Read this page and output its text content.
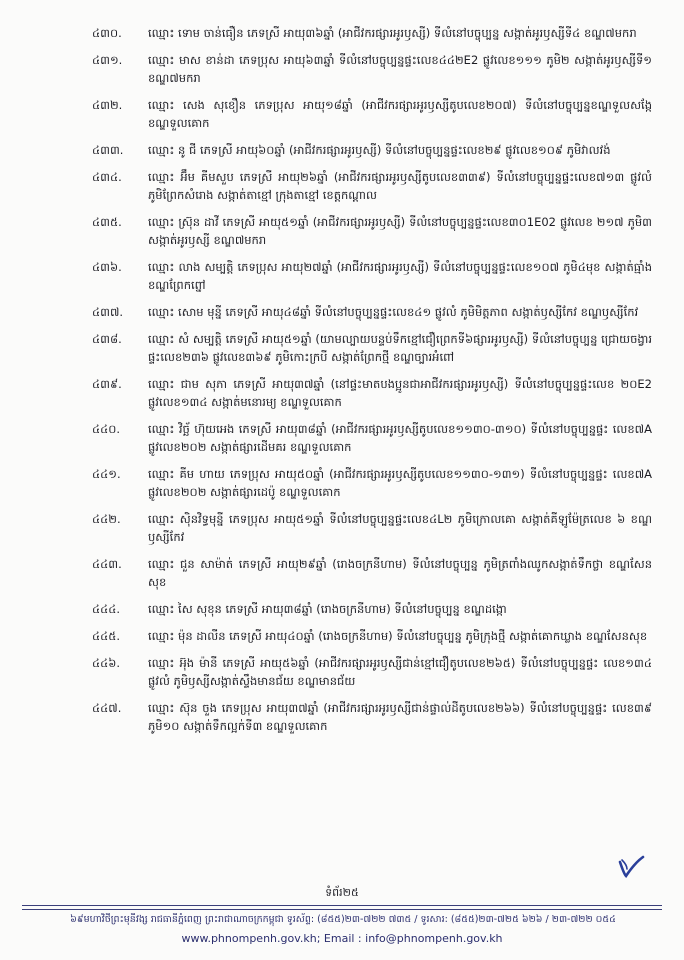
៤៣០.	ឈ្មោះ ទោម ចាន់ធឿន ភេទស្រី អាយុ៣៦ឆ្នាំ (អាជីវករផ្សារអូរឫស្សី) ទីលំនៅបច្ចុប្បន្ន សង្កាត់អូរឫស្សីទី៤ ខណ្ឌ៧មករា
៤៣១.	ឈ្មោះ មាស ខាន់ដា ភេទប្រុស អាយុ៦៣ឆ្នាំ ទីលំនៅបច្ចុប្បន្នផ្ទះលេខ៤៤២E2 ផ្លូវលេខ១១១ ភូមិ២ សង្កាត់អូរឫស្សីទី១ ខណ្ឌ៧មករា
៤៣២.	ឈ្មោះ សេង សុខឿន ភេទប្រុស អាយុ១៨ឆ្នាំ (អាជីវករផ្សារអូរឫស្សីតូបលេខ២០៧) ទីលំនៅបច្ចុប្បន្នខណ្ឌទួលសង្កែ ខណ្ឌទួលគោក
៤៣៣.	ឈ្មោះ នូ ជី ភេទស្រី អាយុ៦០ឆ្នាំ (អាជីវករផ្សារអូរឫស្សី) ទីលំនៅបច្ចុប្បន្នផ្ទះលេខ២៩ ផ្លូវលេខ១០៩ ភូមិវាលវង់
៤៣៤.	ឈ្មោះ អ៊ឹម គីមសួប ភេទស្រី អាយុ២៦ឆ្នាំ (អាជីវករផ្សារអូរឫស្សីតូបលេខ៣៣៩) ទីលំនៅបច្ចុប្បន្នផ្ទះលេខ៧១៣ ផ្លូវលំ ភូមិព្រែកសំរោង សង្កាត់តាខ្មៅ ក្រុងតាខ្មៅ ខេត្តកណ្ដាល
៤៣៥.	ឈ្មោះ ស្រ៊ុន ដាវី ភេទស្រី អាយុ៥១ឆ្នាំ (អាជីវករផ្សារអូរឫស្សី) ទីលំនៅបច្ចុប្បន្នផ្ទះលេខ៣០1E02 ផ្លូវលេខ ២១៧ ភូមិ៣ សង្កាត់អូរឫស្សី ខណ្ឌ៧មករា
៤៣៦.	ឈ្មោះ លាង សម្បត្តិ ភេទប្រុស អាយុ២៧ឆ្នាំ (អាជីវករផ្សារអូរឫស្សី) ទីលំនៅបច្ចុប្បន្នផ្ទះលេខ១០៧ ភូមិ៤មុខ សង្កាត់ធ្មាំង ខណ្ឌព្រែកព្នៅ
៤៣៧.	ឈ្មោះ សោម មុន្នី ភេទស្រី អាយុ៤៨ឆ្នាំ ទីលំនៅបច្ចុប្បន្នផ្ទះលេខ៤១ ផ្លូវលំ ភូមិមិត្តភាព សង្កាត់ឫស្សីកែវ ខណ្ឌឫស្សីកែវ
៤៣៨.	ឈ្មោះ សំ សម្បត្តិ ភេទស្រី អាយុ៥១ឆ្នាំ (យាមល្បាយបន្ទប់ទឹកខ្មៅជឿព្រេកទី៦ផ្សារអូរឫស្សី) ទីលំនៅបច្ចុប្បន្ន ជ្រោយចង្វារ ផ្ទះលេខ២៣៦ ផ្លូវលេខ៣៦៩ ភូមិកោះក្របី សង្កាត់ព្រែកថ្មី ខណ្ឌច្បារអំពៅ
៤៣៩.	ឈ្មោះ ជាម សុភា ភេទស្រី អាយុ៣៧ឆ្នាំ (នៅផ្ទះមាតបងប្អូនជាអាជីវករផ្សារអូរឫស្សី) ទីលំនៅបច្ចុប្បន្នផ្ទះលេខ ២០E2 ផ្លូវលេខ១៣៤ សង្កាត់មនោរម្យ ខណ្ឌទួលគោក
៤៤០.	ឈ្មោះ វិច្ឆ័ ហ៊ុយអេង ភេទស្រី អាយុ៣៨ឆ្នាំ (អាជីវករផ្សារអូរឫស្សីតូបលេខ១១៣០-៣១០) ទីលំនៅបច្ចុប្បន្នផ្ទះ លេខ៧A ផ្លូវលេខ២០២ សង្កាត់ផ្សារដើមគរ ខណ្ឌទួលគោក
៤៤១.	ឈ្មោះ គីម ហាយ ភេទប្រុស អាយុ៥០ឆ្នាំ (អាជីវករផ្សារអូរឫស្សីតូបលេខ១១៣០-១៣១) ទីលំនៅបច្ចុប្បន្នផ្ទះ លេខ៧A ផ្លូវលេខ២០២ សង្កាត់ផ្សារដេប៉ូ ខណ្ឌទួលគោក
៤៤២.	ឈ្មោះ ស៊ិនវិទ្ធមុន្នី ភេទប្រុស អាយុ៥១ឆ្នាំ ទីលំនៅបច្ចុប្បន្នផ្ទះលេខ៤L២ ភូមិក្រោលគោ សង្កាត់គីឡូម៉ែត្រលេខ ៦ ខណ្ឌឫស្សីកែវ
៤៤៣.	ឈ្មោះ ជួន សាម៉ាត់ ភេទស្រី អាយុ២៩ឆ្នាំ (រោងចក្រនីហាម) ទីលំនៅបច្ចុប្បន្ន ភូមិត្រពាំងឈូកសង្កាត់ទឹកថ្លា ខណ្ឌសែនសុខ
៤៤៤.	ឈ្មោះ សៃ សុខុន ភេទស្រី អាយុ៣៨ឆ្នាំ (រោងចក្រនីហាម) ទីលំនៅបច្ចុប្បន្ន ខណ្ឌដង្កោ
៤៤៥.	ឈ្មោះ ម៉ុន ដាលីន ភេទស្រី អាយុ៤០ឆ្នាំ (រោងចក្រនីហាម) ទីលំនៅបច្ចុប្បន្ន ភូមិក្រុងថ្មី សង្កាត់គោកឃ្លាង ខណ្ឌសែនសុខ
៤៤៦.	ឈ្មោះ អ៊ុង ម៉ានី ភេទស្រី អាយុ៥៦ឆ្នាំ (អាជីវករផ្សារអូរឫស្សីជាន់ខ្មៅជឿតូបលេខ២៦៥) ទីលំនៅបច្ចុប្បន្នផ្ទះ លេខ១៣៤ ផ្លូវលំ ភូមិឫស្សីសង្កាត់ស្ទឹងមានជ័យ ខណ្ឌមានជ័យ
៤៤៧.	ឈ្មោះ ស៊ុន ចួង ភេទប្រុស អាយុ៣៧ឆ្នាំ (អាជីវករផ្សារអូរឫស្សីជាន់ផ្ទាល់ដីតូបលេខ២៦៦) ទីលំនៅបច្ចុប្បន្នផ្ទះ លេខ៣៩ ភូមិ១០ សង្កាត់ទឹកល្អក់ទី៣ ខណ្ឌទួលគោក
ទំព័រ២៥
៦៩មហាវិថីព្រះមុនីវង្ស រាជធានីភ្នំពេញ ព្រះរាជាណាចក្រកម្ពុជា ទូរស័ព្ទ: (៨៥៥)២៣-៧២២ ៧៣៥ / ទូរសារ: (៨៥៥)២៣-៧២៥ ៦២៦ / ២៣-៧២២ ០៥៤
www.phnompenh.gov.kh; Email : info@phnompenh.gov.kh
